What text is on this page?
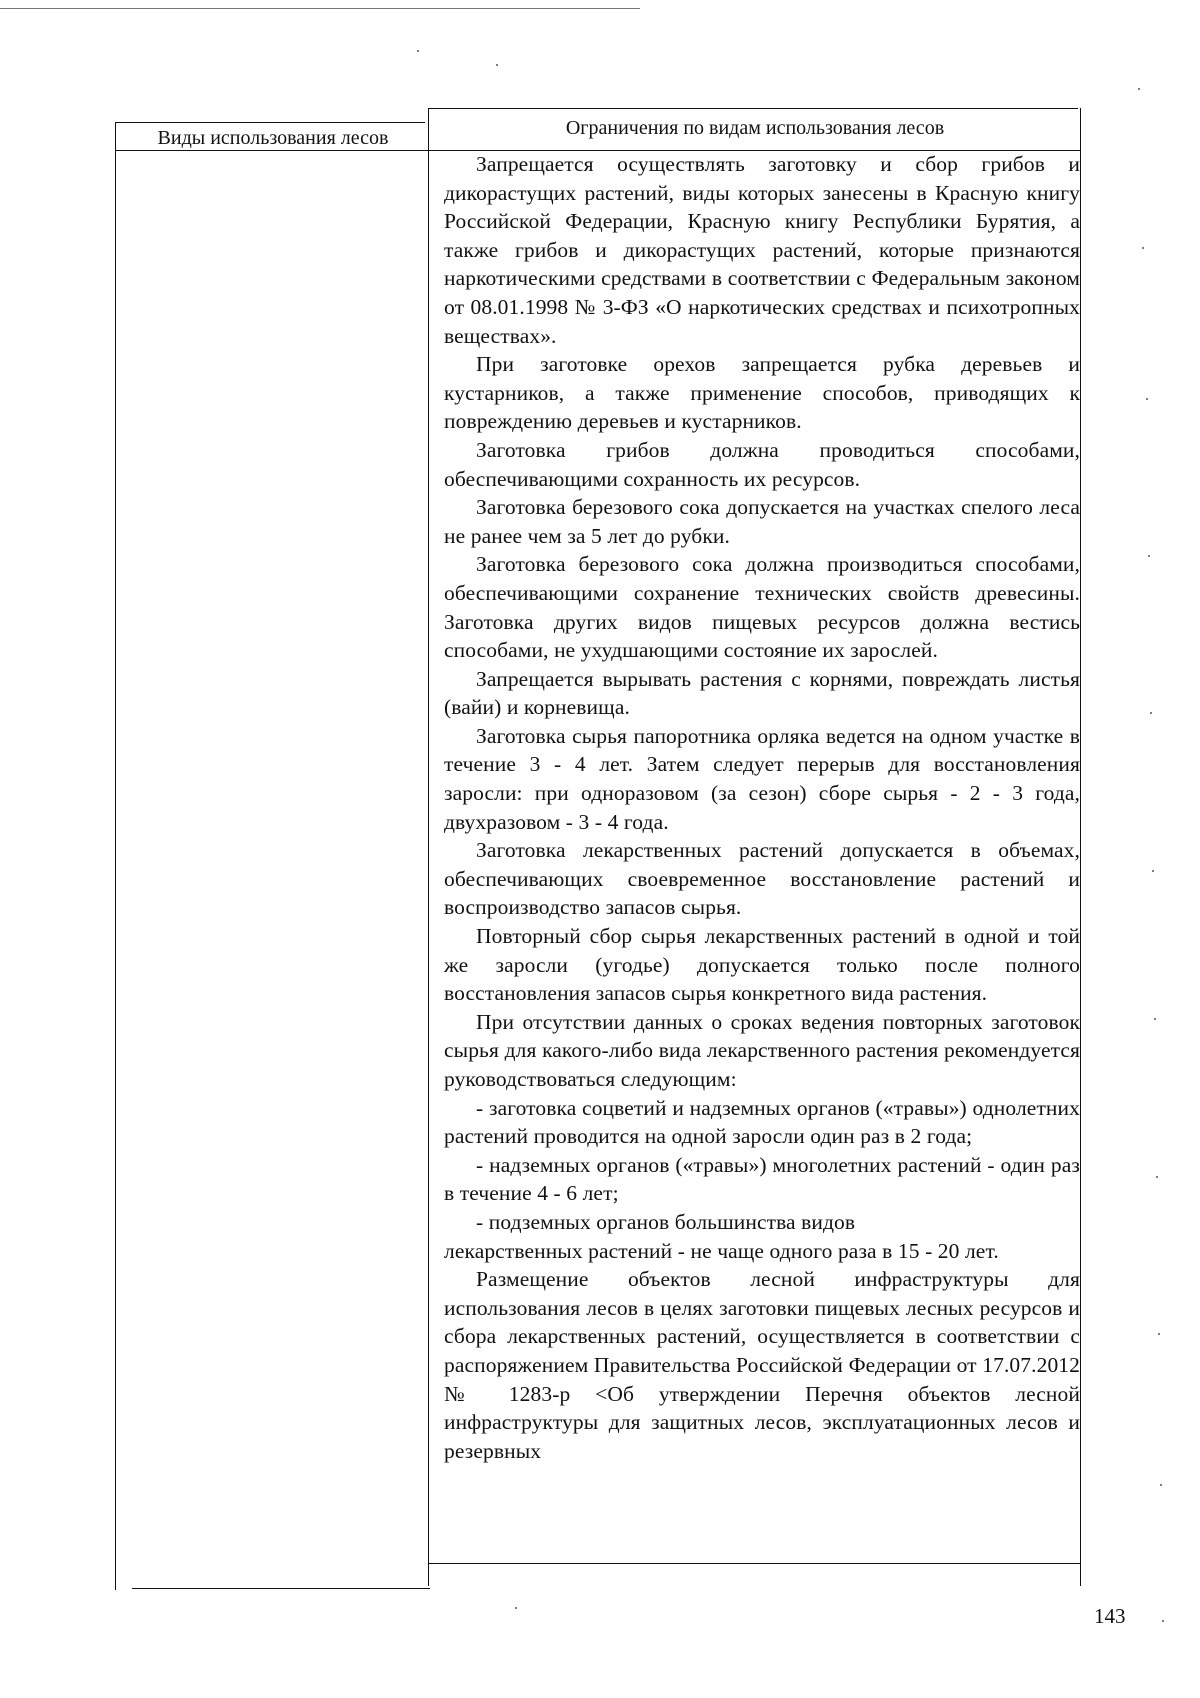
Виды использования лесов	Ограничения по видам использования лесов

Запрещается осуществлять заготовку и сбор грибов и дикорастущих растений, виды которых занесены в Красную книгу Российской Федерации, Красную книгу Республики Бурятия, а также грибов и дикорастущих растений, которые признаются наркотическими средствами в соответствии с Федеральным законом от 08.01.1998 № 3-ФЗ «О наркотических средствах и психотропных веществах».

При заготовке орехов запрещается рубка деревьев и кустарников, а также применение способов, приводящих к повреждению деревьев и кустарников.

Заготовка грибов должна проводиться способами, обеспечивающими сохранность их ресурсов.

Заготовка березового сока допускается на участках спелого леса не ранее чем за 5 лет до рубки.

Заготовка березового сока должна производиться способами, обеспечивающими сохранение технических свойств древесины. Заготовка других видов пищевых ресурсов должна вестись способами, не ухудшающими состояние их зарослей.

Запрещается вырывать растения с корнями, повреждать листья (вайи) и корневища.

Заготовка сырья папоротника орляка ведется на одном участке в течение 3 - 4 лет. Затем следует перерыв для восстановления заросли: при одноразовом (за сезон) сборе сырья - 2 - 3 года, двухразовом - 3 - 4 года.

Заготовка лекарственных растений допускается в объемах, обеспечивающих своевременное восстановление растений и воспроизводство запасов сырья.

Повторный сбор сырья лекарственных растений в одной и той же заросли (угодье) допускается только после полного восстановления запасов сырья конкретного вида растения.

При отсутствии данных о сроках ведения повторных заготовок сырья для какого-либо вида лекарственного растения рекомендуется руководствоваться следующим:

- заготовка соцветий и надземных органов («травы») однолетних растений проводится на одной заросли один раз в 2 года;

- надземных органов («травы») многолетних растений - один раз в течение 4 - 6 лет;

- подземных органов большинства видов

лекарственных растений - не чаще одного раза в 15 - 20 лет.

Размещение объектов лесной инфраструктуры для использования лесов в целях заготовки пищевых лесных ресурсов и сбора лекарственных растений, осуществляется в соответствии с распоряжением Правительства Российской Федерации от 17.07.2012 № 1283-р <Об утверждении Перечня объектов лесной инфраструктуры для защитных лесов, эксплуатационных лесов и резервных

143
